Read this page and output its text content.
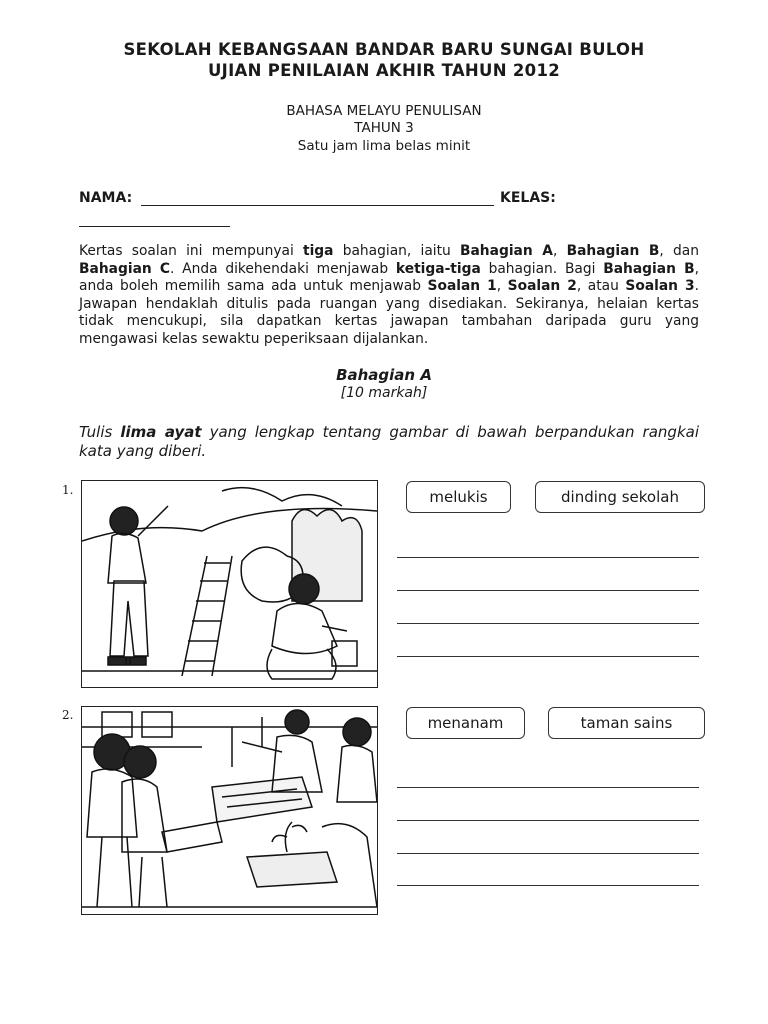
SEKOLAH KEBANGSAAN BANDAR BARU SUNGAI BULOH
UJIAN PENILAIAN AKHIR TAHUN 2012
BAHASA MELAYU PENULISAN
TAHUN 3
Satu jam lima belas minit
NAMA:	KELAS:
Kertas soalan ini mempunyai tiga bahagian, iaitu Bahagian A, Bahagian B, dan Bahagian C. Anda dikehendaki menjawab ketiga-tiga bahagian. Bagi Bahagian B, anda boleh memilih sama ada untuk menjawab Soalan 1, Soalan 2, atau Soalan 3. Jawapan hendaklah ditulis pada ruangan yang disediakan. Sekiranya, helaian kertas tidak mencukupi, sila dapatkan kertas jawapan tambahan daripada guru yang mengawasi kelas sewaktu peperiksaan dijalankan.
Bahagian A
[10 markah]
Tulis lima ayat yang lengkap tentang gambar di bawah berpandukan rangkai kata yang diberi.
1.	melukis	dinding sekolah
2.	menanam	taman sains
